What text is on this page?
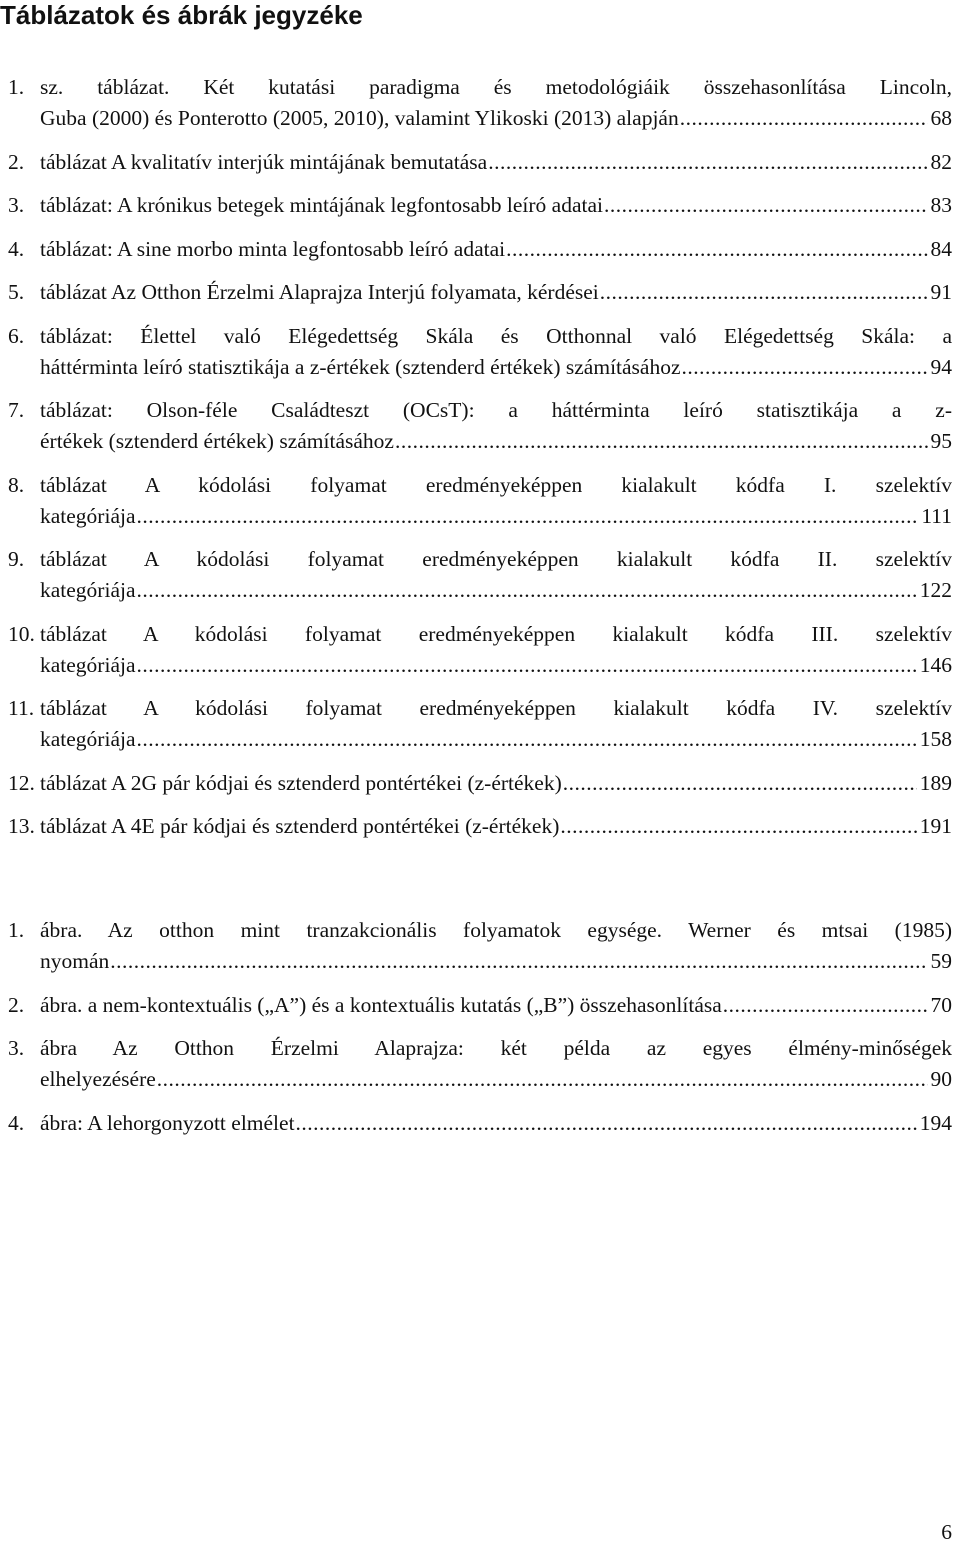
Táblázatok és ábrák jegyzéke
1. sz. táblázat. Két kutatási paradigma és metodológiáik összehasonlítása Lincoln,
Guba (2000) és Ponterotto (2005, 2010), valamint Ylikoski (2013) alapján .....	68
2. táblázat A kvalitatív interjúk mintájának bemutatása .....	82
3. táblázat: A krónikus betegek mintájának legfontosabb leíró adatai .....	83
4. táblázat: A sine morbo minta legfontosabb leíró adatai .....	84
5. táblázat Az Otthon Érzelmi Alaprajza Interjú folyamata, kérdései .....	91
6. táblázat: Élettel való Elégedettség Skála és Otthonnal való Elégedettség Skála: a
háttérminta leíró statisztikája a z-értékek (sztenderd értékek) számításához .....	94
7. táblázat: Olson-féle Családteszt (OCsT): a háttérminta leíró statisztikája a z-
értékek (sztenderd értékek) számításához .....	95
8. táblázat A kódolási folyamat eredményeképpen kialakult kódfa I. szelektív
kategóriája .....	111
9. táblázat A kódolási folyamat eredményeképpen kialakult kódfa II. szelektív
kategóriája .....	122
10. táblázat A kódolási folyamat eredményeképpen kialakult kódfa III. szelektív
kategóriája .....	146
11. táblázat A kódolási folyamat eredményeképpen kialakult kódfa IV. szelektív
kategóriája .....	158
12. táblázat A 2G pár kódjai és sztenderd pontértékei (z-értékek) .....	189
13. táblázat A 4E pár kódjai és sztenderd pontértékei (z-értékek) .....	191
1. ábra. Az otthon mint tranzakcionális folyamatok egysége. Werner és mtsai (1985)
nyomán .....	59
2. ábra. a nem-kontextuális („A”) és a kontextuális kutatás („B”) összehasonlítása .....	70
3. ábra Az Otthon Érzelmi Alaprajza: két példa az egyes élmény-minőségek
elhelyezésére .....	90
4. ábra: A lehorgonyzott elmélet .....	194
6
